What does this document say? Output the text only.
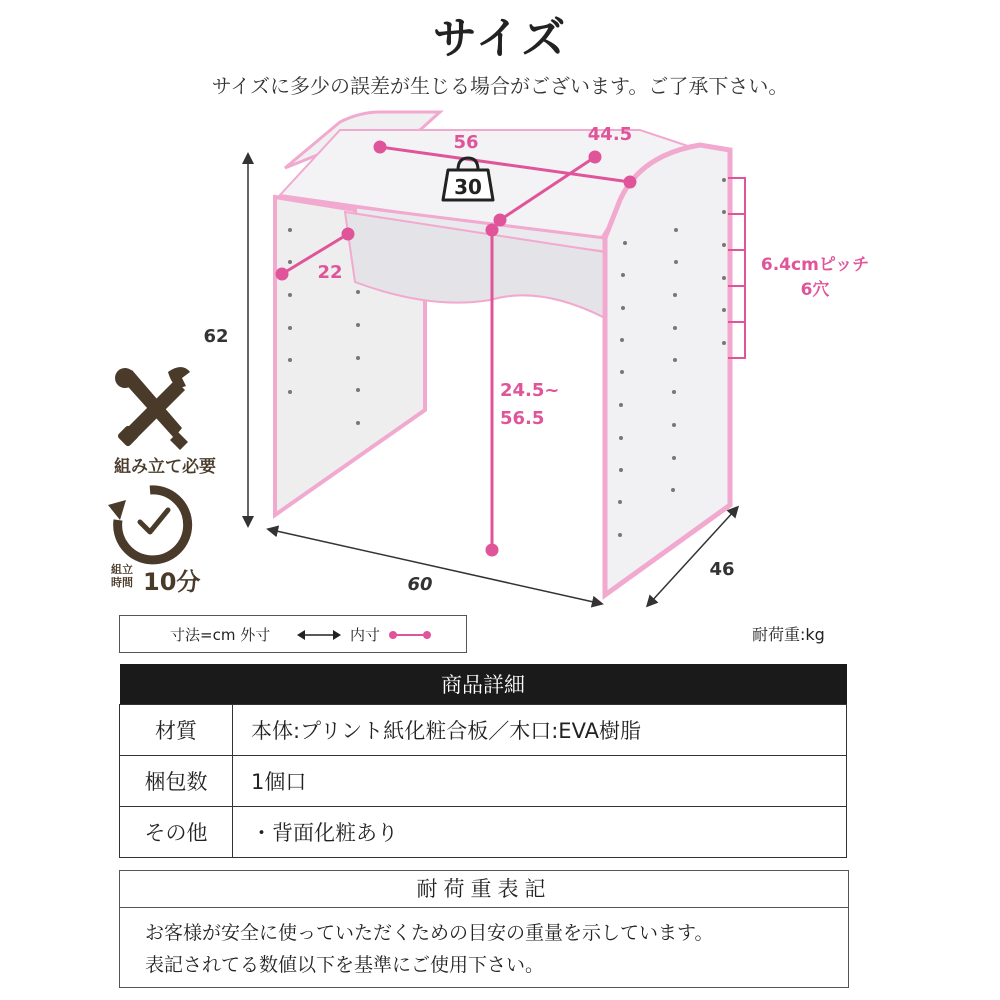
サイズ
サイズに多少の誤差が生じる場合がございます。ご了承下さい。
30
62
60
46
56	44.5
22
24.5~
56.5
6.4cmピッチ
6穴
組み立て必要
組立時間 10分
寸法=cm 外寸	内寸	耐荷重:kg
商品詳細	
材質	本体:プリント紙化粧合板／木口:EVA樹脂
梱包数	1個口
その他	・背面化粧あり
耐荷重表記
お客様が安全に使っていただくための目安の重量を示しています。
表記されてる数値以下を基準にご使用下さい。
